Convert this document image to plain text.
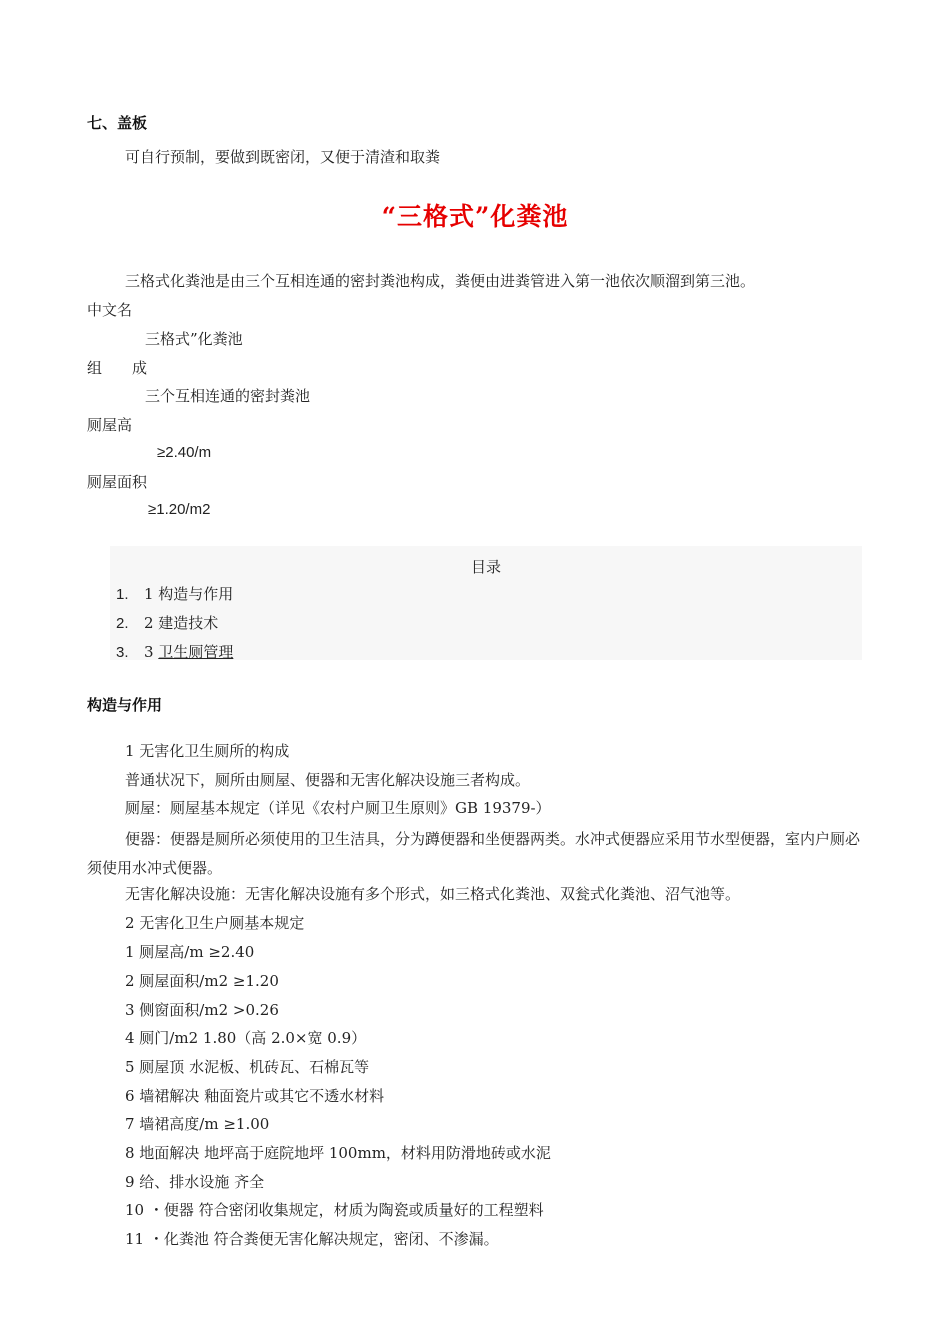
七、盖板
可自行预制，要做到既密闭，又便于清渣和取粪
“三格式”化粪池
三格式化粪池是由三个互相连通的密封粪池构成，粪便由进粪管进入第一池依次顺溜到第三池。
中文名
三格式”化粪池
组　　成
三个互相连通的密封粪池
厕屋高
≥2.40/m
厕屋面积
≥1.20/m2
目录
1. 1 构造与作用
2. 2 建造技术
3. 3 卫生厕管理
构造与作用
1 无害化卫生厕所的构成
普通状况下，厕所由厕屋、便器和无害化解决设施三者构成。
厕屋：厕屋基本规定（详见《农村户厕卫生原则》GB 19379-）
便器：便器是厕所必须使用的卫生洁具，分为蹲便器和坐便器两类。水冲式便器应采用节水型便器，室内户厕必须使用水冲式便器。
无害化解决设施：无害化解决设施有多个形式，如三格式化粪池、双瓮式化粪池、沼气池等。
2 无害化卫生户厕基本规定
1 厕屋高/m ≥2.40
2 厕屋面积/m2 ≥1.20
3 侧窗面积/m2 >0.26
4 厕门/m2 1.80（高 2.0×宽 0.9）
5 厕屋顶 水泥板、机砖瓦、石棉瓦等
6 墙裙解决 釉面瓷片或其它不透水材料
7 墙裙高度/m ≥1.00
8 地面解决 地坪高于庭院地坪 100mm，材料用防滑地砖或水泥
9 给、排水设施 齐全
10 ・便器 符合密闭收集规定，材质为陶瓷或质量好的工程塑料
11 ・化粪池 符合粪便无害化解决规定，密闭、不渗漏。
